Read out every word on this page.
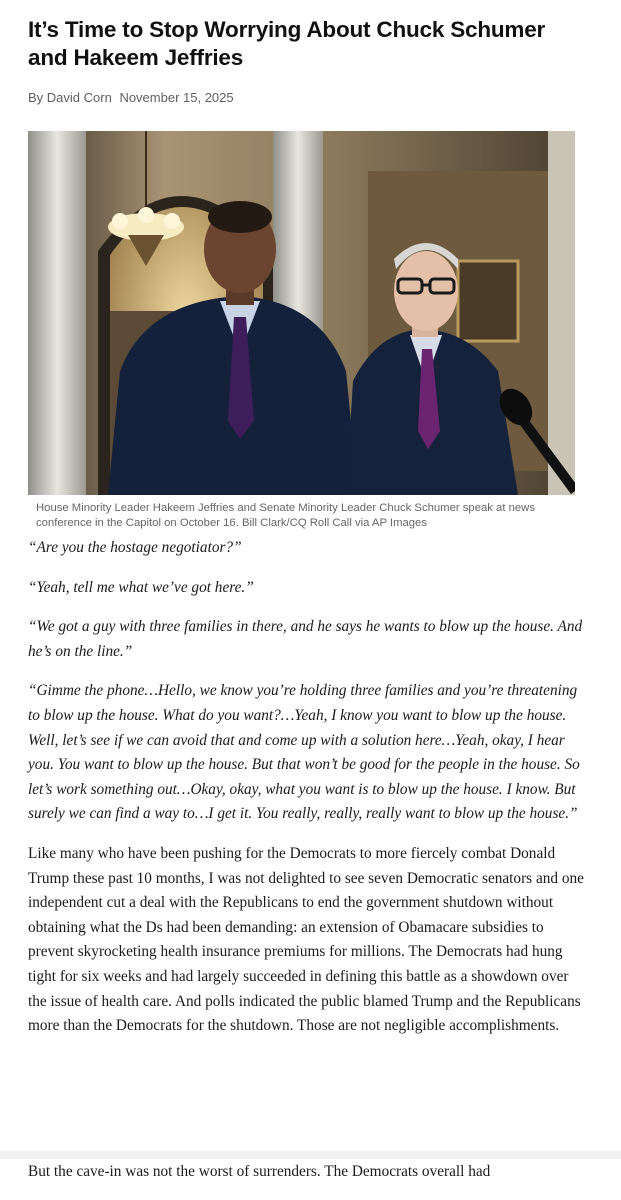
It’s Time to Stop Worrying About Chuck Schumer and Hakeem Jeffries
By David Corn November 15, 2025

House Minority Leader Hakeem Jeffries and Senate Minority Leader Chuck Schumer speak at news conference in the Capitol on October 16. Bill Clark/CQ Roll Call via AP Images

“Are you the hostage negotiator?”

“Yeah, tell me what we’ve got here.”

“We got a guy with three families in there, and he says he wants to blow up the house. And he’s on the line.”

“Gimme the phone…Hello, we know you’re holding three families and you’re threatening to blow up the house. What do you want?…Yeah, I know you want to blow up the house. Well, let’s see if we can avoid that and come up with a solution here…Yeah, okay, I hear you. You want to blow up the house. But that won’t be good for the people in the house. So let’s work something out…Okay, okay, what you want is to blow up the house. I know. But surely we can find a way to…I get it. You really, really, really want to blow up the house.”

Like many who have been pushing for the Democrats to more fiercely combat Donald Trump these past 10 months, I was not delighted to see seven Democratic senators and one independent cut a deal with the Republicans to end the government shutdown without obtaining what the Ds had been demanding: an extension of Obamacare subsidies to prevent skyrocketing health insurance premiums for millions. The Democrats had hung tight for six weeks and had largely succeeded in defining this battle as a showdown over the issue of health care. And polls indicated the public blamed Trump and the Republicans more than the Democrats for the shutdown. Those are not negligible accomplishments.

But the cave-in was not the worst of surrenders. The Democrats overall had
